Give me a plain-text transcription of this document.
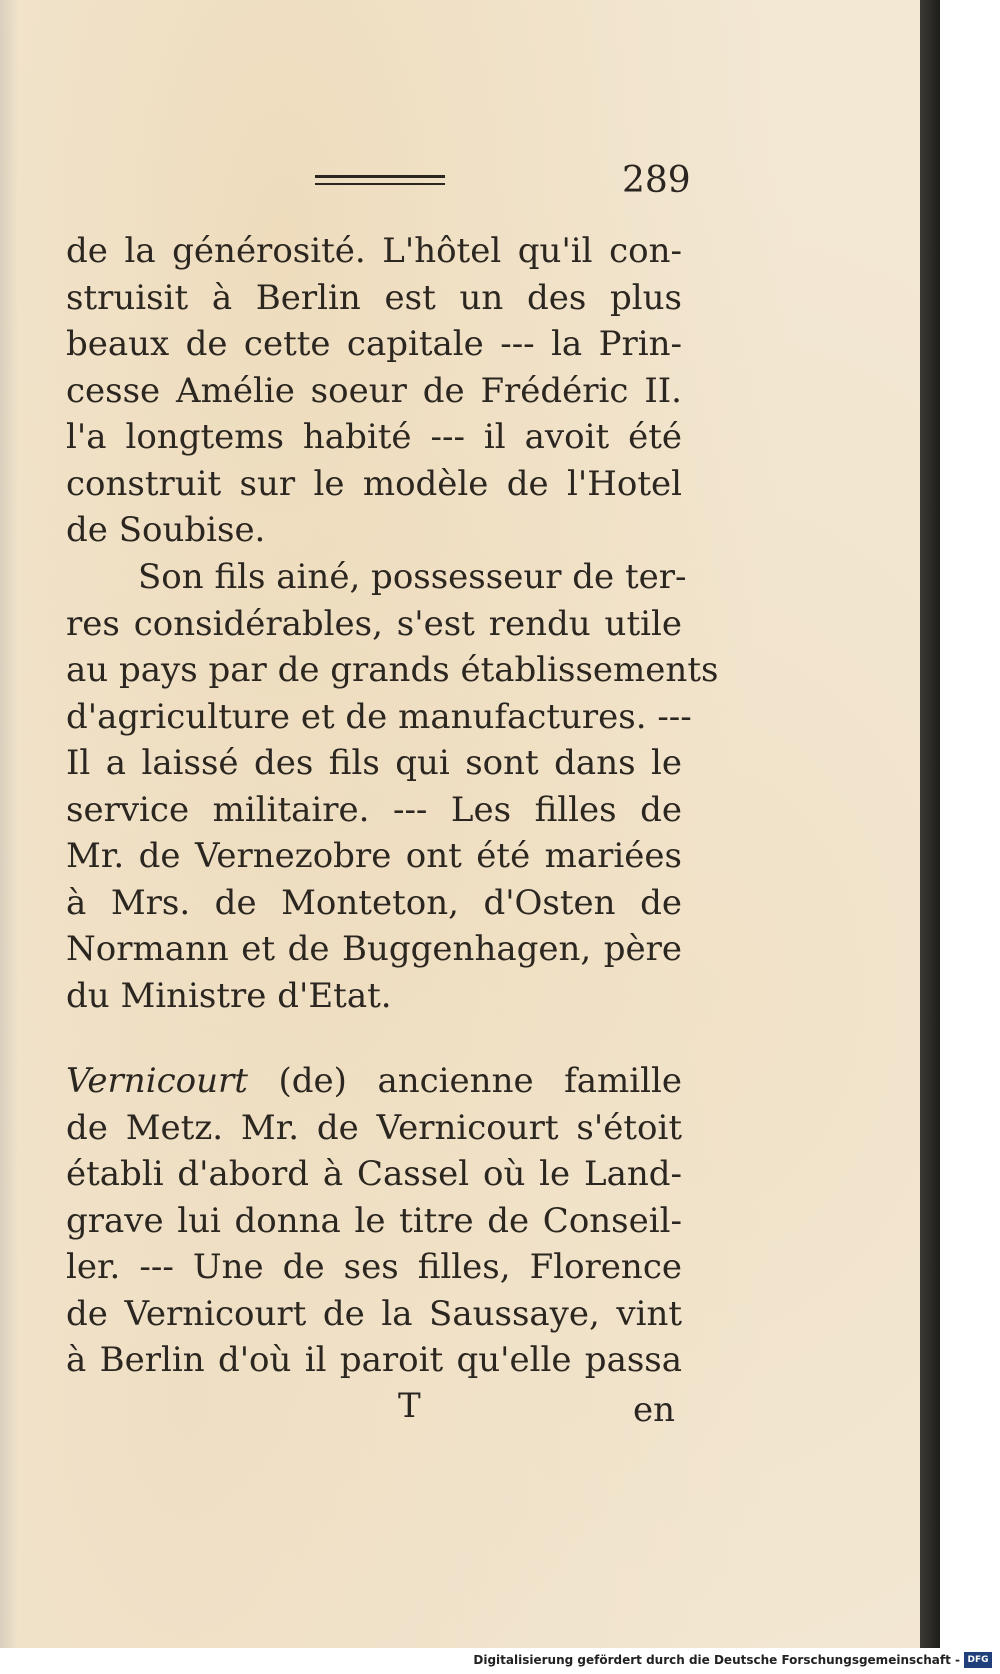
289
de la générosité. L'hôtel qu'il con-
struisit à Berlin est un des plus
beaux de cette capitale --- la Prin-
cesse Amélie soeur de Frédéric II.
l'a longtems habité --- il avoit été
construit sur le modèle de l'Hotel
de Soubise.
Son fils ainé, possesseur de ter-
res considérables, s'est rendu utile
au pays par de grands établissements
d'agriculture et de manufactures. ---
Il a laissé des fils qui sont dans le
service militaire. --- Les filles de
Mr. de Vernezobre ont été mariées
à Mrs. de Monteton, d'Osten de
Normann et de Buggenhagen, père
du Ministre d'Etat.
Vernicourt (de) ancienne famille
de Metz. Mr. de Vernicourt s'étoit
établi d'abord à Cassel où le Land-
grave lui donna le titre de Conseil-
ler. --- Une de ses filles, Florence
de Vernicourt de la Saussaye, vint
à Berlin d'où il paroit qu'elle passa
T	en
Digitalisierung gefördert durch die Deutsche Forschungsgemeinschaft - DFG
